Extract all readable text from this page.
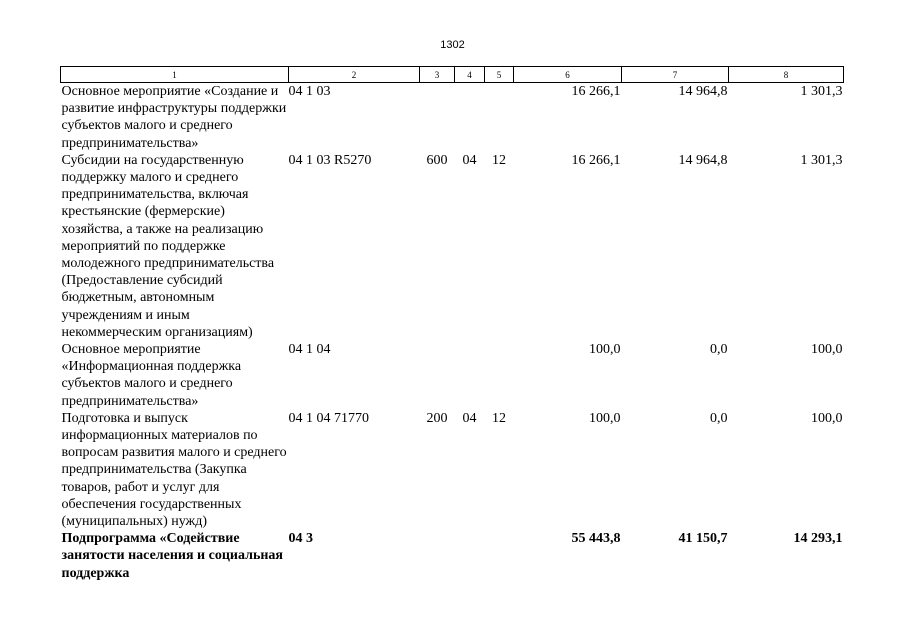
1302
1	2	3	4	5	6	7	8
Основное мероприятие «Создание и развитие инфраструктуры поддержки субъектов малого и среднего предпринимательства»	04 1 03				16 266,1	14 964,8	1 301,3
Субсидии на государственную поддержку малого и среднего предпринимательства, включая крестьянские (фермерские) хозяйства, а также на реализацию мероприятий по поддержке молодежного предпринимательства (Предоставление субсидий бюджетным, автономным учреждениям и иным некоммерческим организациям)	04 1 03 R5270	600	04	12	16 266,1	14 964,8	1 301,3
Основное мероприятие «Информационная поддержка субъектов малого и среднего предпринимательства»	04 1 04				100,0	0,0	100,0
Подготовка и выпуск информационных материалов по вопросам развития малого и среднего предпринимательства (Закупка товаров, работ и услуг для обеспечения государственных (муниципальных) нужд)	04 1 04 71770	200	04	12	100,0	0,0	100,0
Подпрограмма «Содействие занятости населения и социальная поддержка	04 3				55 443,8	41 150,7	14 293,1
